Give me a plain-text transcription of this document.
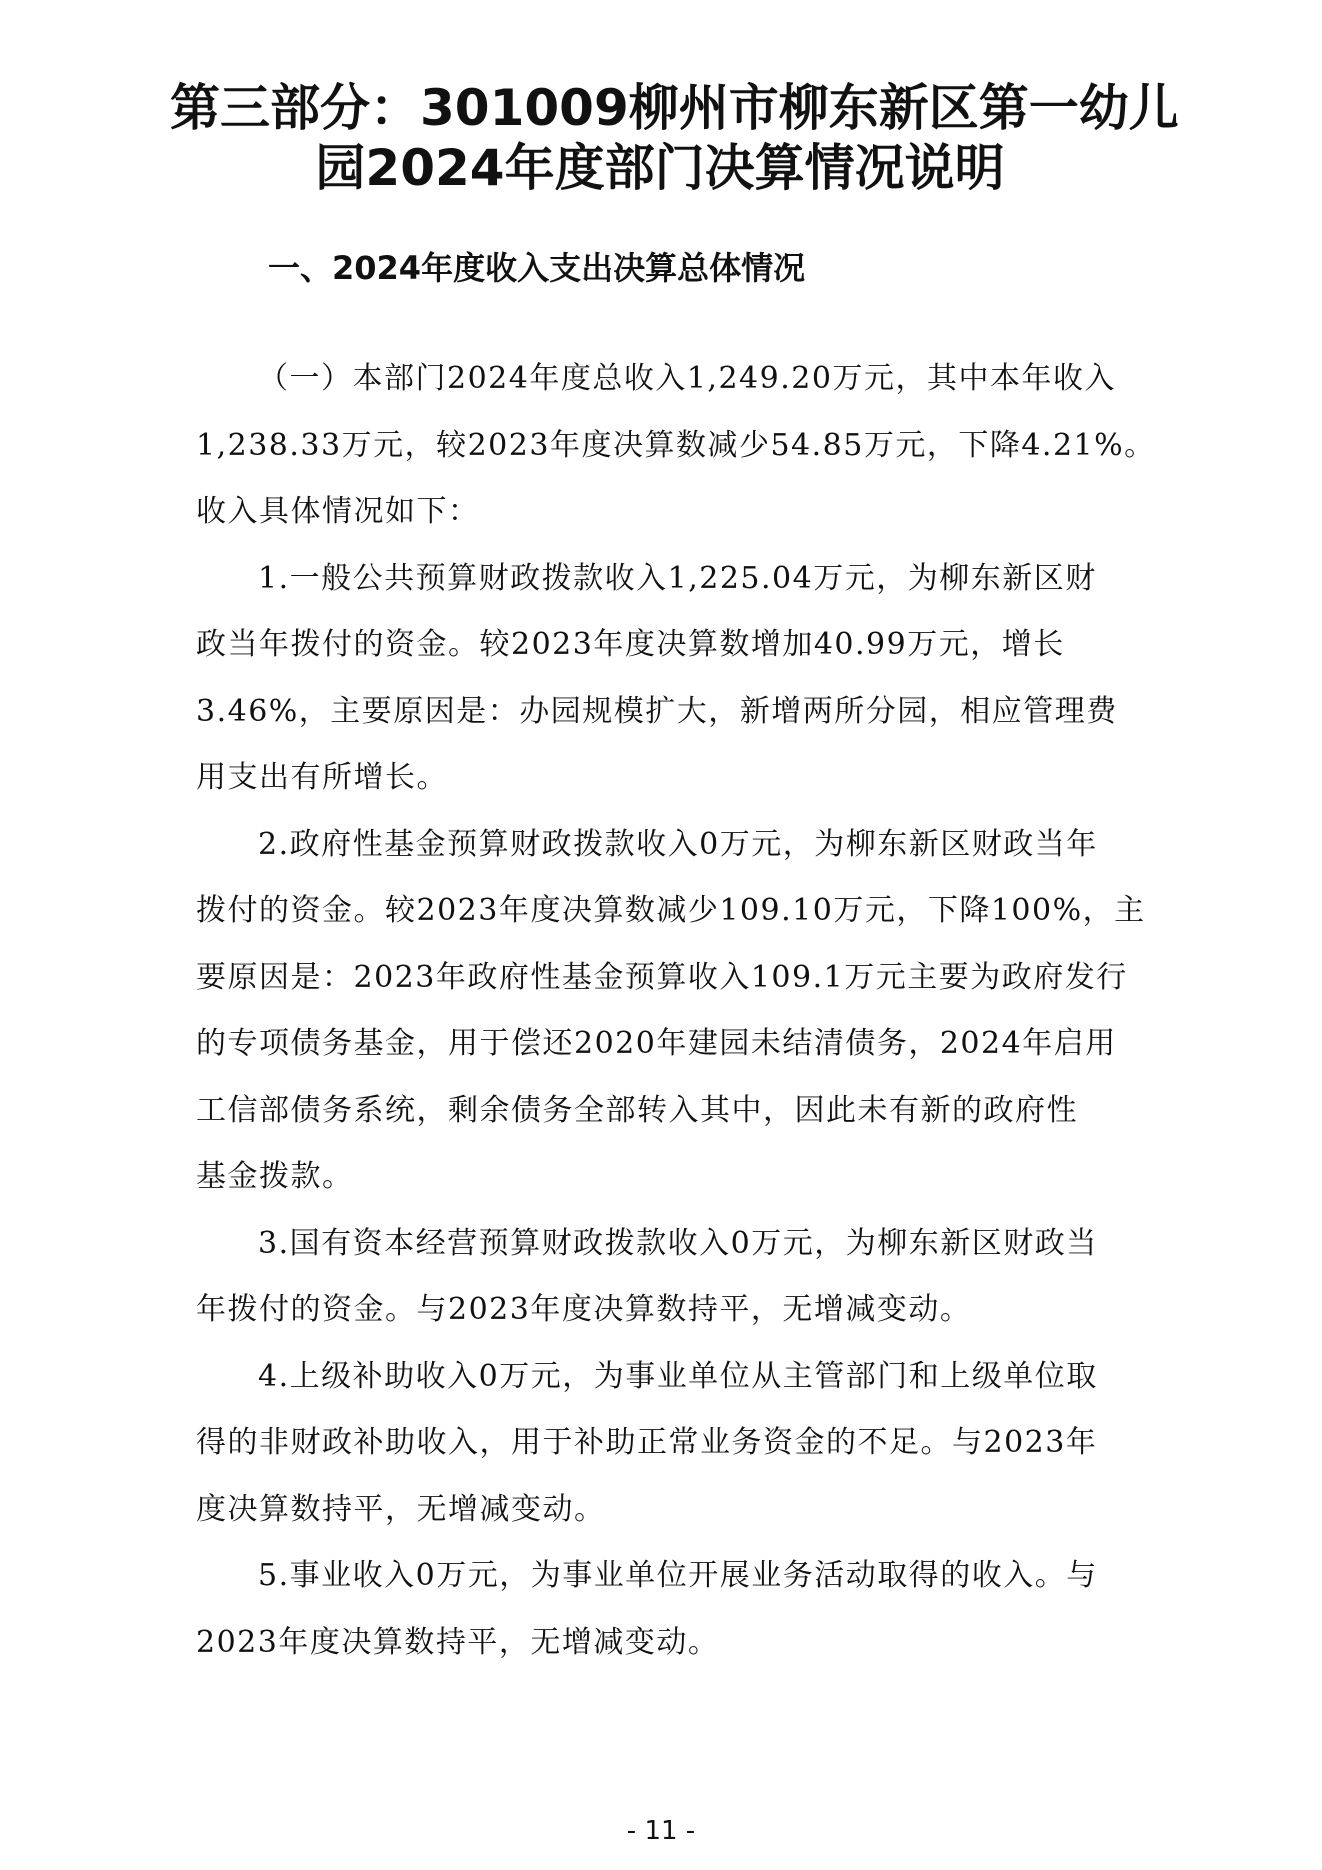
第三部分：301009柳州市柳东新区第一幼儿
园2024年度部门决算情况说明
一、2024年度收入支出决算总体情况

（一）本部门2024年度总收入1,249.20万元，其中本年收入
1,238.33万元，较2023年度决算数减少54.85万元，下降4.21%。
收入具体情况如下：

1.一般公共预算财政拨款收入1,225.04万元，为柳东新区财
政当年拨付的资金。较2023年度决算数增加40.99万元，增长
3.46%，主要原因是：办园规模扩大，新增两所分园，相应管理费
用支出有所增长。

2.政府性基金预算财政拨款收入0万元，为柳东新区财政当年
拨付的资金。较2023年度决算数减少109.10万元，下降100%，主
要原因是：2023年政府性基金预算收入109.1万元主要为政府发行
的专项债务基金，用于偿还2020年建园未结清债务，2024年启用
工信部债务系统，剩余债务全部转入其中，因此未有新的政府性
基金拨款。

3.国有资本经营预算财政拨款收入0万元，为柳东新区财政当
年拨付的资金。与2023年度决算数持平，无增减变动。

4.上级补助收入0万元，为事业单位从主管部门和上级单位取
得的非财政补助收入，用于补助正常业务资金的不足。与2023年
度决算数持平，无增减变动。

5.事业收入0万元，为事业单位开展业务活动取得的收入。与
2023年度决算数持平，无增减变动。

- 11 -
